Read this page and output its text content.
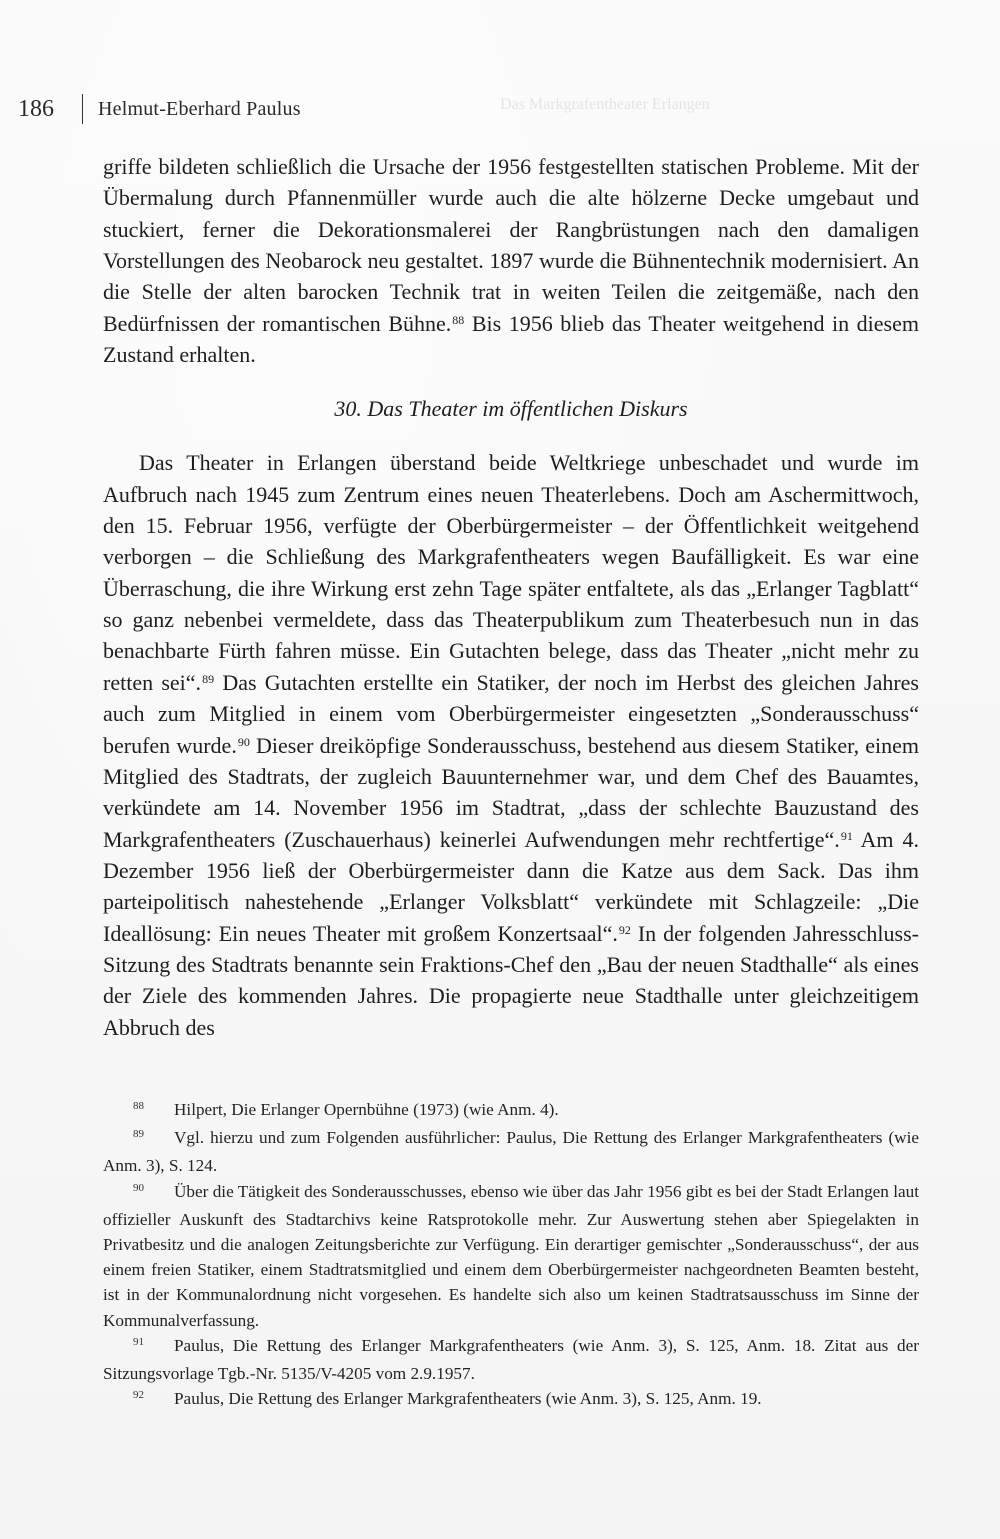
Das Markgrafentheater Erlangen
186	Helmut-Eberhard Paulus

griffe bildeten schließlich die Ursache der 1956 festgestellten statischen Probleme. Mit der Übermalung durch Pfannenmüller wurde auch die alte hölzerne Decke umgebaut und stuckiert, ferner die Dekorationsmalerei der Rangbrüstungen nach den damaligen Vorstellungen des Neobarock neu gestaltet. 1897 wurde die Bühnentechnik modernisiert. An die Stelle der alten barocken Technik trat in weiten Teilen die zeitgemäße, nach den Bedürfnissen der romantischen Bühne.$^{88}$ Bis 1956 blieb das Theater weitgehend in diesem Zustand erhalten.

30. Das Theater im öffentlichen Diskurs

Das Theater in Erlangen überstand beide Weltkriege unbeschadet und wurde im Aufbruch nach 1945 zum Zentrum eines neuen Theaterlebens. Doch am Aschermittwoch, den 15. Februar 1956, verfügte der Oberbürgermeister – der Öffentlichkeit weitgehend verborgen – die Schließung des Markgrafentheaters wegen Baufälligkeit. Es war eine Überraschung, die ihre Wirkung erst zehn Tage später entfaltete, als das „Erlanger Tagblatt“ so ganz nebenbei vermeldete, dass das Theaterpublikum zum Theaterbesuch nun in das benachbarte Fürth fahren müsse. Ein Gutachten belege, dass das Theater „nicht mehr zu retten sei“.$^{89}$ Das Gutachten erstellte ein Statiker, der noch im Herbst des gleichen Jahres auch zum Mitglied in einem vom Oberbürgermeister eingesetzten „Sonderausschuss“ berufen wurde.$^{90}$ Dieser dreiköpfige Sonderausschuss, bestehend aus diesem Statiker, einem Mitglied des Stadtrats, der zugleich Bauunternehmer war, und dem Chef des Bauamtes, verkündete am 14. November 1956 im Stadtrat, „dass der schlechte Bauzustand des Markgrafentheaters (Zuschauerhaus) keinerlei Aufwendungen mehr rechtfertige“.$^{91}$ Am 4. Dezember 1956 ließ der Oberbürgermeister dann die Katze aus dem Sack. Das ihm parteipolitisch nahestehende „Erlanger Volksblatt“ verkündete mit Schlagzeile: „Die Ideallösung: Ein neues Theater mit großem Konzertsaal“.$^{92}$ In der folgenden Jahresschluss-Sitzung des Stadtrats benannte sein Fraktions-Chef den „Bau der neuen Stadthalle“ als eines der Ziele des kommenden Jahres. Die propagierte neue Stadthalle unter gleichzeitigem Abbruch des

88 Hilpert, Die Erlanger Opernbühne (1973) (wie Anm. 4).

89 Vgl. hierzu und zum Folgenden ausführlicher: Paulus, Die Rettung des Erlanger Markgrafentheaters (wie Anm. 3), S. 124.

90 Über die Tätigkeit des Sonderausschusses, ebenso wie über das Jahr 1956 gibt es bei der Stadt Erlangen laut offizieller Auskunft des Stadtarchivs keine Ratsprotokolle mehr. Zur Auswertung stehen aber Spiegelakten in Privatbesitz und die analogen Zeitungsberichte zur Verfügung. Ein derartiger gemischter „Sonderausschuss“, der aus einem freien Statiker, einem Stadtratsmitglied und einem dem Oberbürgermeister nachgeordneten Beamten besteht, ist in der Kommunalordnung nicht vorgesehen. Es handelte sich also um keinen Stadtratsausschuss im Sinne der Kommunalverfassung.

91 Paulus, Die Rettung des Erlanger Markgrafentheaters (wie Anm. 3), S. 125, Anm. 18. Zitat aus der Sitzungsvorlage Tgb.-Nr. 5135/V-4205 vom 2.9.1957.

92 Paulus, Die Rettung des Erlanger Markgrafentheaters (wie Anm. 3), S. 125, Anm. 19.
